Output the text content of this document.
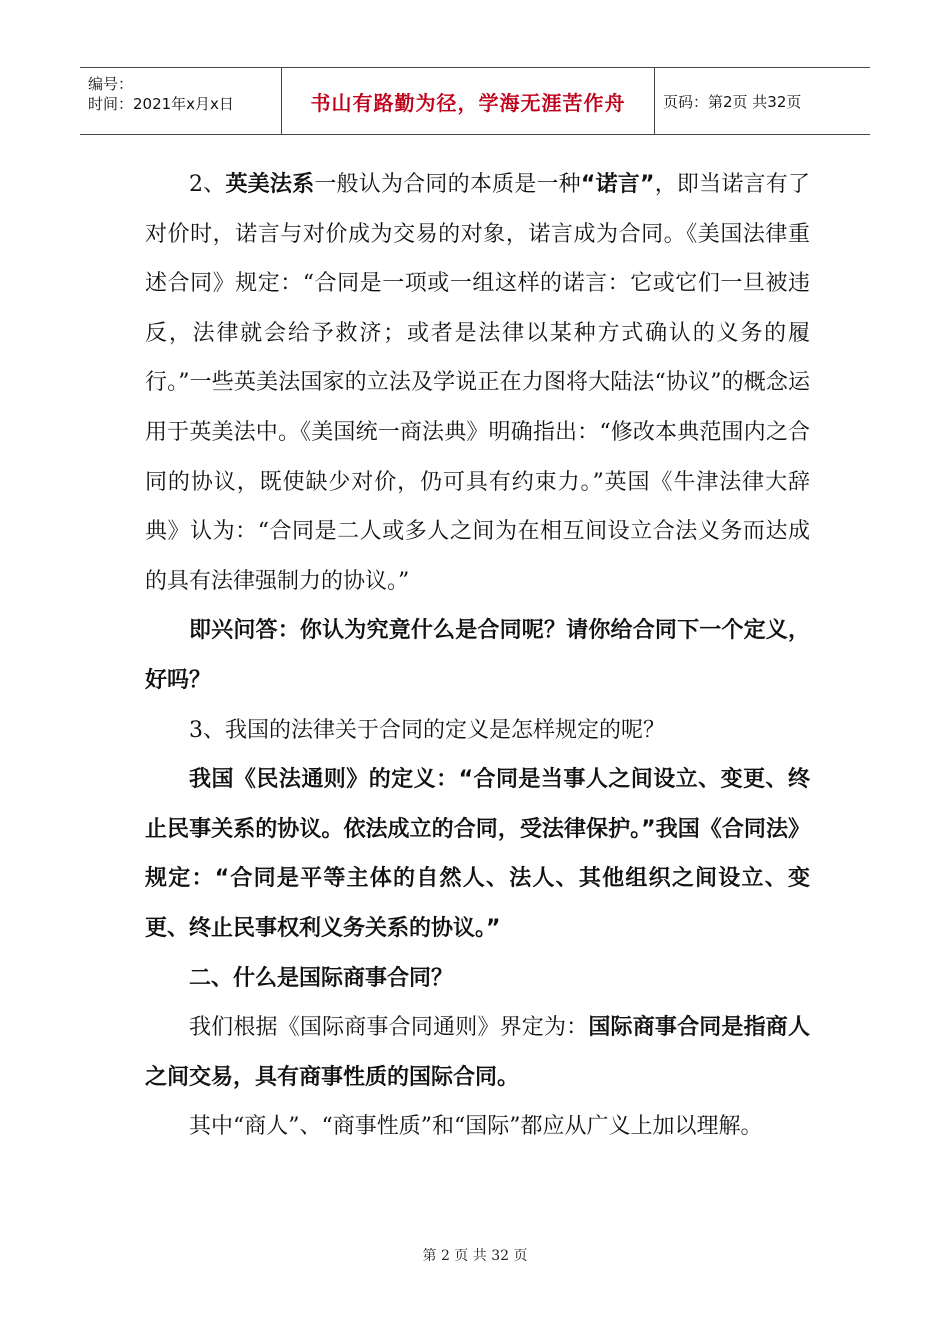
编号：
时间：2021年x月x日	书山有路勤为径，学海无涯苦作舟	页码：第2页 共32页

2、英美法系一般认为合同的本质是一种“诺言”，即当诺言有了对价时，诺言与对价成为交易的对象，诺言成为合同。《美国法律重述合同》规定：“合同是一项或一组这样的诺言：它或它们一旦被违反，法律就会给予救济；或者是法律以某种方式确认的义务的履行。”一些英美法国家的立法及学说正在力图将大陆法“协议”的概念运用于英美法中。《美国统一商法典》明确指出：“修改本典范围内之合同的协议，既使缺少对价，仍可具有约束力。”英国《牛津法律大辞典》认为：“合同是二人或多人之间为在相互间设立合法义务而达成的具有法律强制力的协议。”

即兴问答：你认为究竟什么是合同呢？请你给合同下一个定义，好吗？

3、我国的法律关于合同的定义是怎样规定的呢？

我国《民法通则》的定义：“合同是当事人之间设立、变更、终止民事关系的协议。依法成立的合同，受法律保护。”我国《合同法》规定：“合同是平等主体的自然人、法人、其他组织之间设立、变更、终止民事权利义务关系的协议。”

二、什么是国际商事合同？

我们根据《国际商事合同通则》界定为：国际商事合同是指商人之间交易，具有商事性质的国际合同。

其中“商人”、“商事性质”和“国际”都应从广义上加以理解。

第 2 页 共 32 页
